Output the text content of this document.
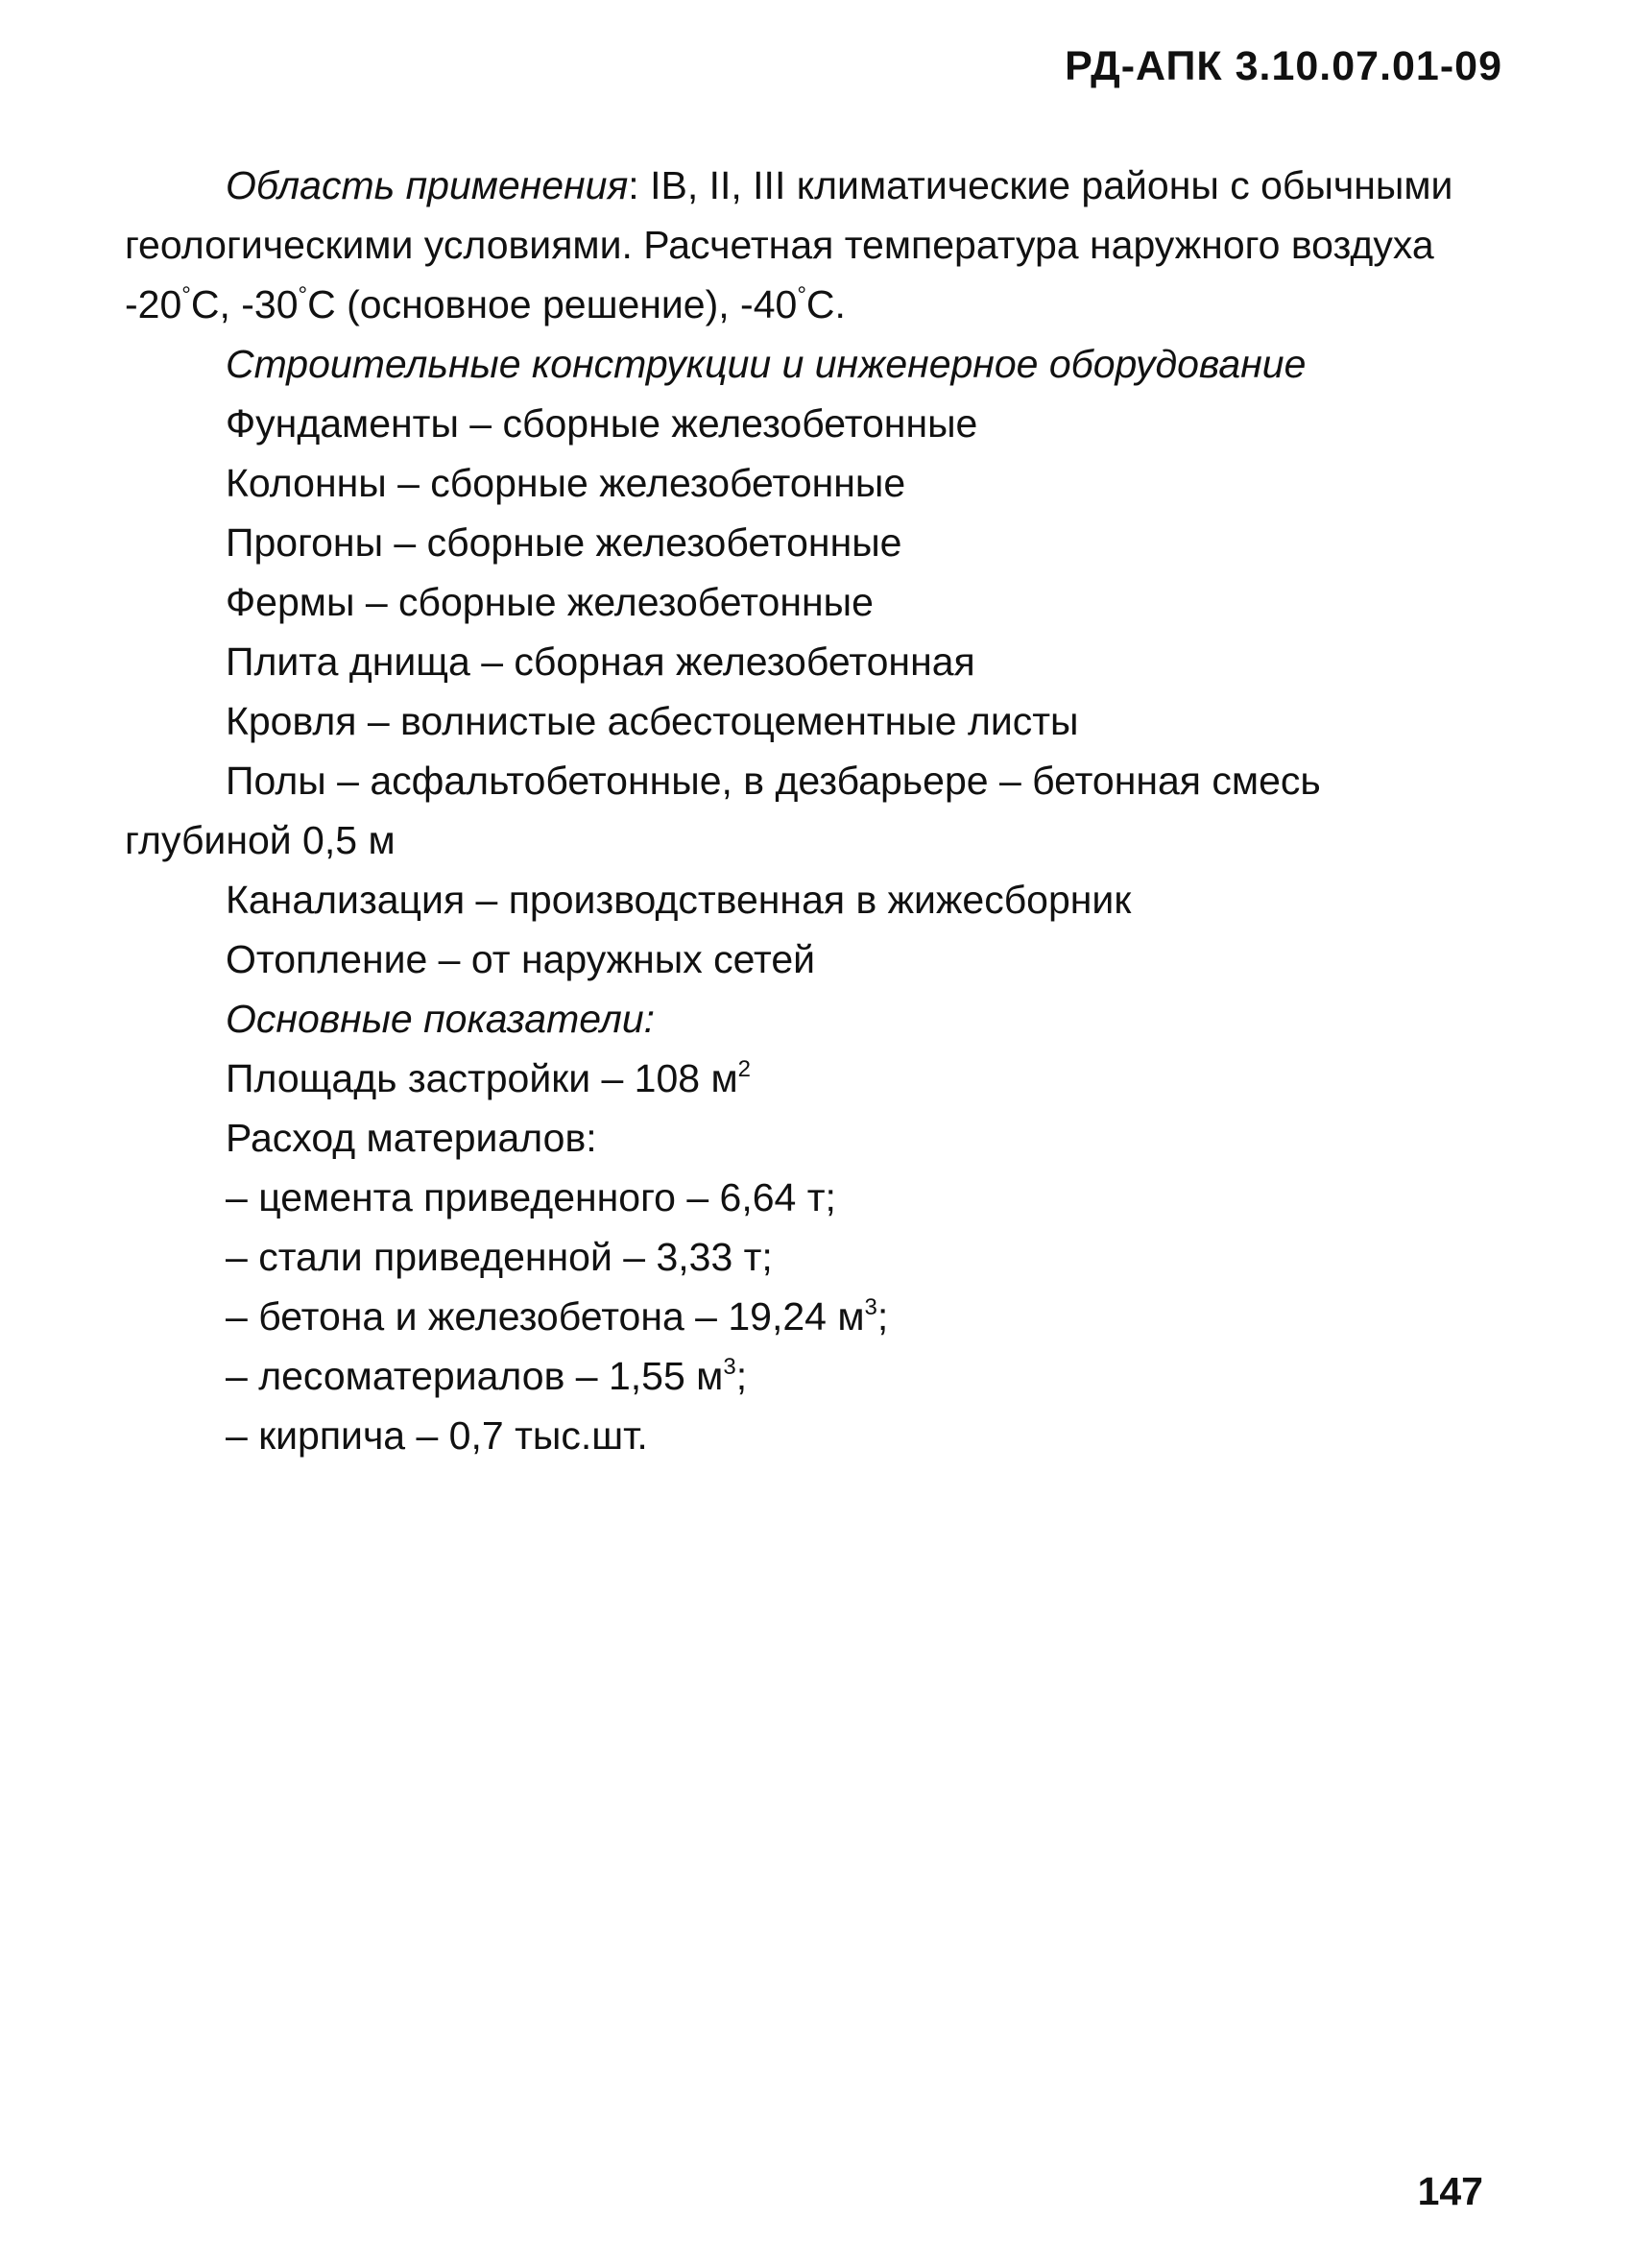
РД-АПК 3.10.07.01-09

Область применения: IB, II, III климатические районы с обычными геологическими условиями. Расчетная температура наружного воздуха -20°C, -30°C (основное решение), -40°C.

Строительные конструкции и инженерное оборудование

Фундаменты – сборные железобетонные

Колонны – сборные железобетонные

Прогоны – сборные железобетонные

Фермы – сборные железобетонные

Плита днища – сборная железобетонная

Кровля – волнистые асбестоцементные листы

Полы – асфальтобетонные, в дезбарьере – бетонная смесь глубиной 0,5 м

Канализация – производственная в жижесборник

Отопление – от наружных сетей

Основные показатели:

Площадь застройки – 108 $м^2$

Расход материалов:

– цемента приведенного – 6,64 т;

– стали приведенной – 3,33 т;

– бетона и железобетона – 19,24 $м^3$;

– лесоматериалов – 1,55 $м^3$;

– кирпича – 0,7 тыс.шт.

147
